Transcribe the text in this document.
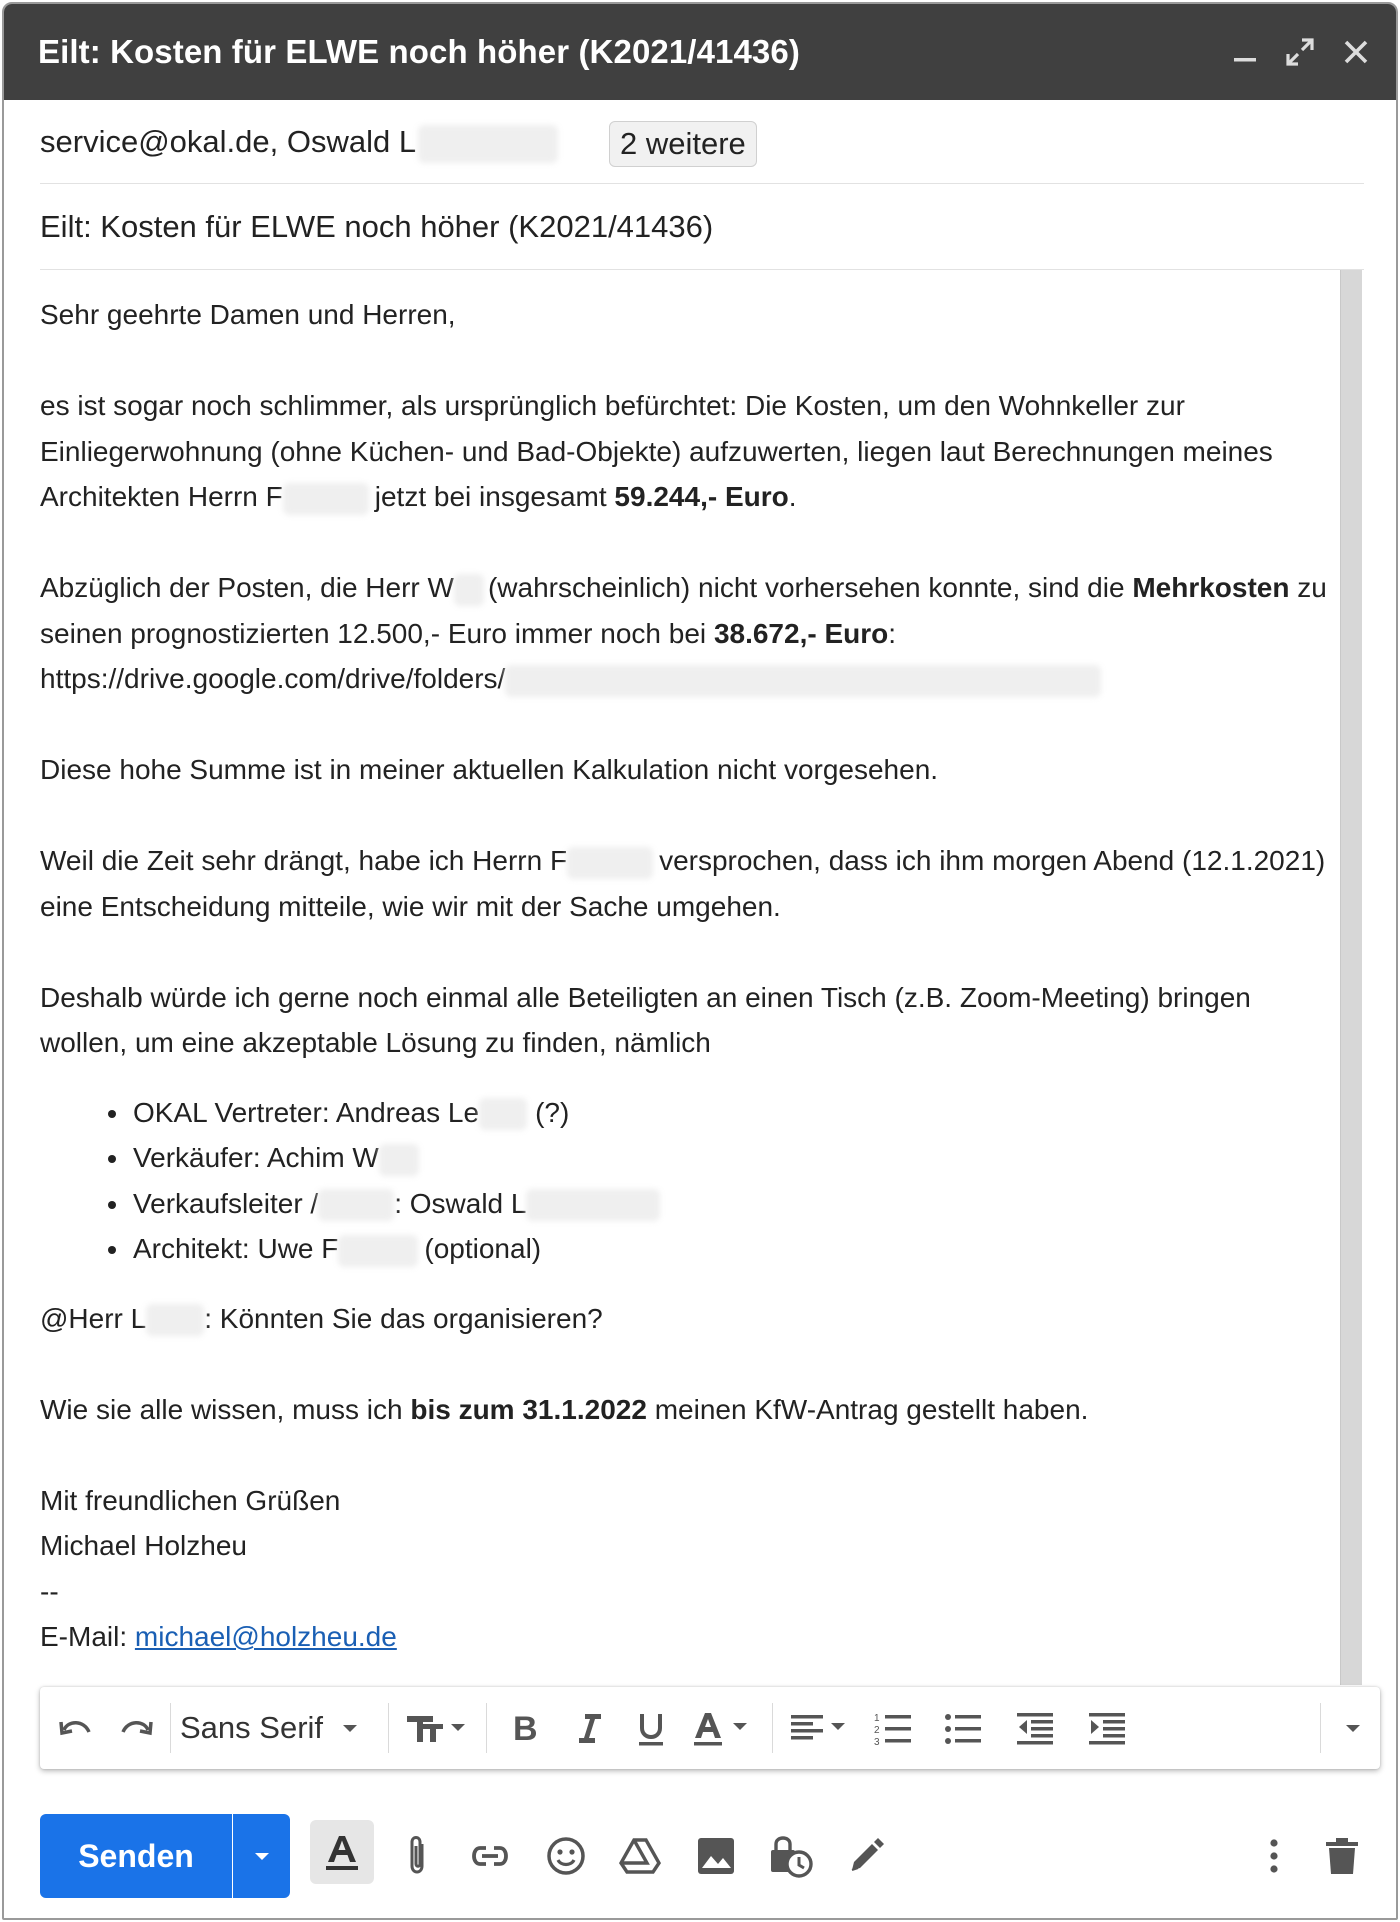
Eilt: Kosten für ELWE noch höher (K2021/41436)
service@okal.de, Oswald L	2 weitere
Eilt: Kosten für ELWE noch höher (K2021/41436)

Sehr geehrte Damen und Herren,

es ist sogar noch schlimmer, als ursprünglich befürchtet: Die Kosten, um den Wohnkeller zur Einliegerwohnung (ohne Küchen- und Bad-Objekte) aufzuwerten, liegen laut Berechnungen meines Architekten Herrn F	jetzt bei insgesamt 59.244,- Euro.

Abzüglich der Posten, die Herr W (wahrscheinlich) nicht vorhersehen konnte, sind die Mehrkosten zu seinen prognostizierten 12.500,- Euro immer noch bei 38.672,- Euro:
https://drive.google.com/drive/folders/

Diese hohe Summe ist in meiner aktuellen Kalkulation nicht vorgesehen.

Weil die Zeit sehr drängt, habe ich Herrn F	versprochen, dass ich ihm morgen Abend (12.1.2021) eine Entscheidung mitteile, wie wir mit der Sache umgehen.

Deshalb würde ich gerne noch einmal alle Beteiligten an einen Tisch (z.B. Zoom-Meeting) bringen wollen, um eine akzeptable Lösung zu finden, nämlich

OKAL Vertreter: Andreas Le (?)
Verkäufer: Achim W
Verkaufsleiter /	: Oswald L
Architekt: Uwe F	(optional)

@Herr L : Könnten Sie das organisieren?

Wie sie alle wissen, muss ich bis zum 31.1.2022 meinen KfW-Antrag gestellt haben.

Mit freundlichen Grüßen

Michael Holzheu

--

E-Mail: michael@holzheu.de

Sans Serif	B	1
2
3
Senden
